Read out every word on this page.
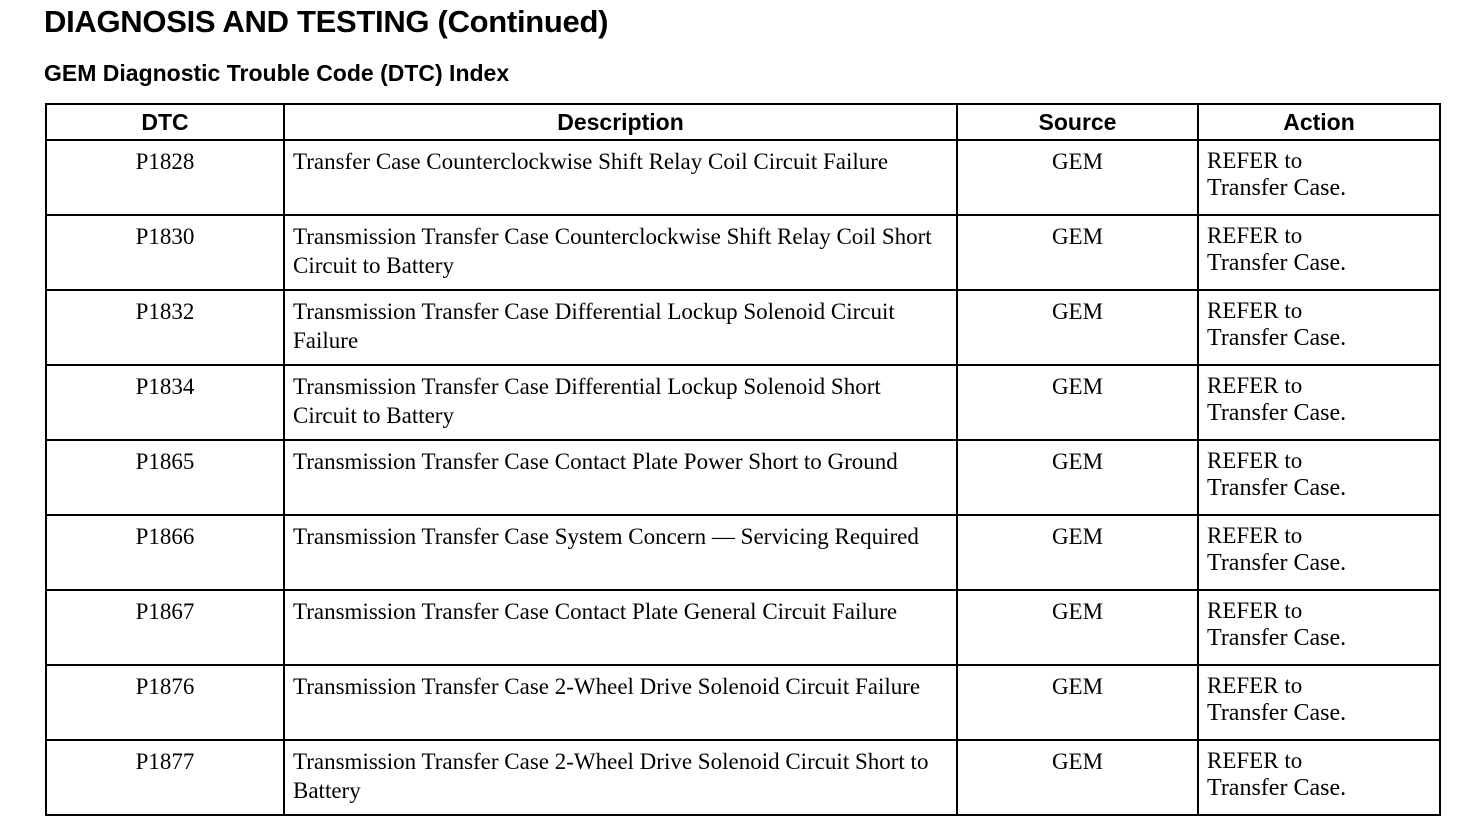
DIAGNOSIS AND TESTING (Continued)
GEM Diagnostic Trouble Code (DTC) Index
DTC	Description	Source	Action
P1828	Transfer Case Counterclockwise Shift Relay Coil Circuit Failure	GEM	REFER to
Transfer Case.

P1830	Transmission Transfer Case Counterclockwise Shift Relay Coil Short Circuit to Battery	GEM	REFER to
Transfer Case.

P1832	Transmission Transfer Case Differential Lockup Solenoid Circuit Failure	GEM	REFER to
Transfer Case.

P1834	Transmission Transfer Case Differential Lockup Solenoid Short Circuit to Battery	GEM	REFER to
Transfer Case.

P1865	Transmission Transfer Case Contact Plate Power Short to Ground	GEM	REFER to
Transfer Case.

P1866	Transmission Transfer Case System Concern — Servicing Required	GEM	REFER to
Transfer Case.

P1867	Transmission Transfer Case Contact Plate General Circuit Failure	GEM	REFER to
Transfer Case.

P1876	Transmission Transfer Case 2-Wheel Drive Solenoid Circuit Failure	GEM	REFER to
Transfer Case.

P1877	Transmission Transfer Case 2-Wheel Drive Solenoid Circuit Short to Battery	GEM	REFER to
Transfer Case.
